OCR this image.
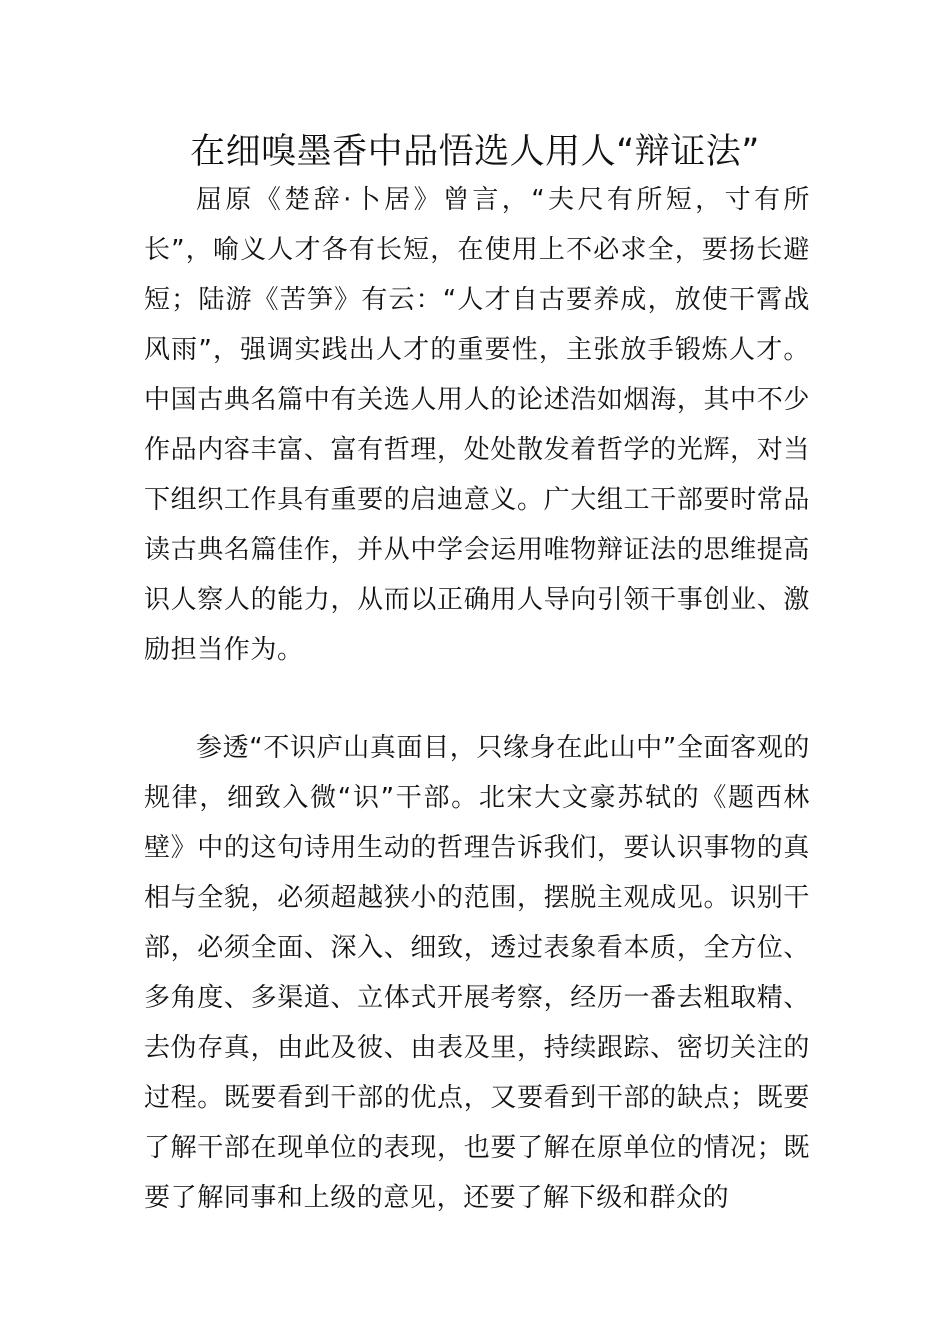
在细嗅墨香中品悟选人用人“辩证法”

屈原《楚辞·卜居》曾言，“夫尺有所短，寸有所长”，喻义人才各有长短，在使用上不必求全，要扬长避短；陆游《苦笋》有云：“人才自古要养成，放使干霄战风雨”，强调实践出人才的重要性，主张放手锻炼人才。中国古典名篇中有关选人用人的论述浩如烟海，其中不少作品内容丰富、富有哲理，处处散发着哲学的光辉，对当下组织工作具有重要的启迪意义。广大组工干部要时常品读古典名篇佳作，并从中学会运用唯物辩证法的思维提高识人察人的能力，从而以正确用人导向引领干事创业、激励担当作为。

参透“不识庐山真面目，只缘身在此山中”全面客观的规律，细致入微“识”干部。北宋大文豪苏轼的《题西林壁》中的这句诗用生动的哲理告诉我们，要认识事物的真相与全貌，必须超越狭小的范围，摆脱主观成见。识别干部，必须全面、深入、细致，透过表象看本质，全方位、多角度、多渠道、立体式开展考察，经历一番去粗取精、去伪存真，由此及彼、由表及里，持续跟踪、密切关注的过程。既要看到干部的优点，又要看到干部的缺点；既要了解干部在现单位的表现，也要了解在原单位的情况；既要了解同事和上级的意见，还要了解下级和群众的
